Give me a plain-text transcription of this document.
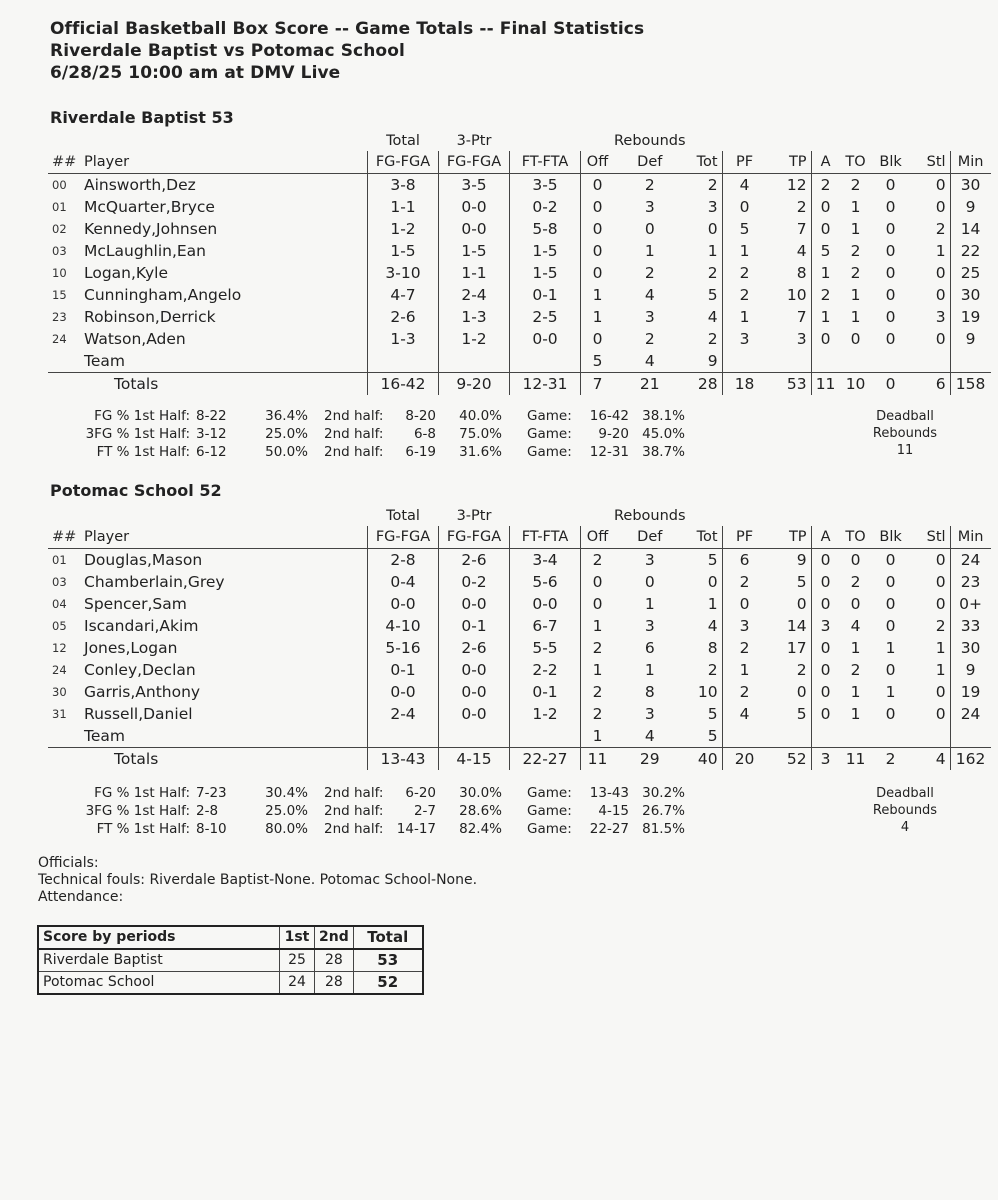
Official Basketball Box Score -- Game Totals -- Final Statistics
Riverdale Baptist vs Potomac School
6/28/25 10:00 am at DMV Live
Riverdale Baptist 53
		Total	3-Ptr			Rebounds								
##	Player	FG-FGA	FG-FGA	FT-FTA	Off	Def	Tot	PF	TP	A	TO	Blk	Stl	Min
00	Ainsworth,Dez	3-8	3-5	3-5	0	2	2	4	12	2	2	0	0	30
01	McQuarter,Bryce	1-1	0-0	0-2	0	3	3	0	2	0	1	0	0	9
02	Kennedy,Johnsen	1-2	0-0	5-8	0	0	0	5	7	0	1	0	2	14
03	McLaughlin,Ean	1-5	1-5	1-5	0	1	1	1	4	5	2	0	1	22
10	Logan,Kyle	3-10	1-1	1-5	0	2	2	2	8	1	2	0	0	25
15	Cunningham,Angelo	4-7	2-4	0-1	1	4	5	2	10	2	1	0	0	30
23	Robinson,Derrick	2-6	1-3	2-5	1	3	4	1	7	1	1	0	3	19
24	Watson,Aden	1-3	1-2	0-0	0	2	2	3	3	0	0	0	0	9
	Team				5	4	9							
	Totals	16-42	9-20	12-31	7	21	28	18	53	11	10	0	6	158
FG % 1st Half:	8-22	36.4%	2nd half:	8-20	40.0%	Game:	16-42	38.1%
3FG % 1st Half:	3-12	25.0%	2nd half:	6-8	75.0%	Game:	9-20	45.0%
FT % 1st Half:	6-12	50.0%	2nd half:	6-19	31.6%	Game:	12-31	38.7%
Deadball
Rebounds
11
Potomac School 52
		Total	3-Ptr			Rebounds								
##	Player	FG-FGA	FG-FGA	FT-FTA	Off	Def	Tot	PF	TP	A	TO	Blk	Stl	Min
01	Douglas,Mason	2-8	2-6	3-4	2	3	5	6	9	0	0	0	0	24
03	Chamberlain,Grey	0-4	0-2	5-6	0	0	0	2	5	0	2	0	0	23
04	Spencer,Sam	0-0	0-0	0-0	0	1	1	0	0	0	0	0	0	0+
05	Iscandari,Akim	4-10	0-1	6-7	1	3	4	3	14	3	4	0	2	33
12	Jones,Logan	5-16	2-6	5-5	2	6	8	2	17	0	1	1	1	30
24	Conley,Declan	0-1	0-0	2-2	1	1	2	1	2	0	2	0	1	9
30	Garris,Anthony	0-0	0-0	0-1	2	8	10	2	0	0	1	1	0	19
31	Russell,Daniel	2-4	0-0	1-2	2	3	5	4	5	0	1	0	0	24
	Team				1	4	5							
	Totals	13-43	4-15	22-27	11	29	40	20	52	3	11	2	4	162
FG % 1st Half:	7-23	30.4%	2nd half:	6-20	30.0%	Game:	13-43	30.2%
3FG % 1st Half:	2-8	25.0%	2nd half:	2-7	28.6%	Game:	4-15	26.7%
FT % 1st Half:	8-10	80.0%	2nd half:	14-17	82.4%	Game:	22-27	81.5%
Deadball
Rebounds
4
Officials:
Technical fouls: Riverdale Baptist-None. Potomac School-None.
Attendance:
Score by periods	1st	2nd	Total
Riverdale Baptist	25	28	53
Potomac School	24	28	52
